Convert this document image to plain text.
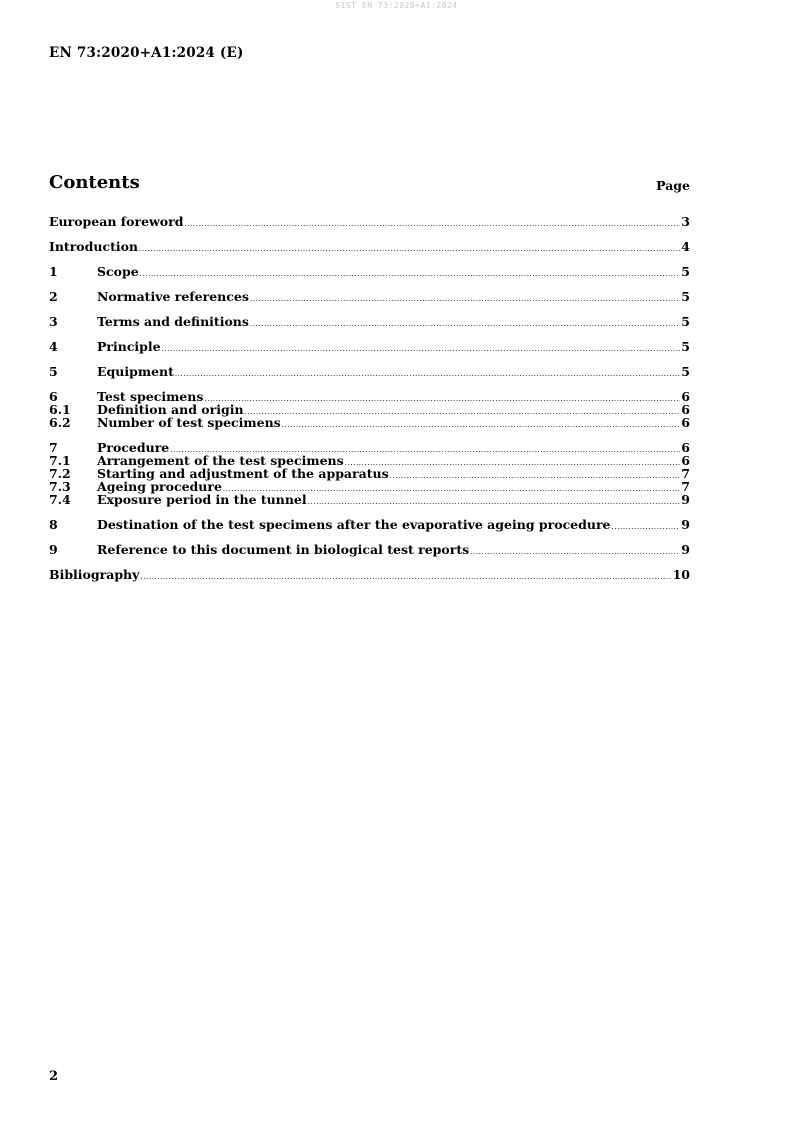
SIST EN 73:2020+A1:2024
EN 73:2020+A1:2024 (E)
Contents	Page
European foreword .....	3
Introduction .....	4
1	Scope .....	5
2	Normative references .....	5
3	Terms and definitions .....	5
4	Principle .....	5
5	Equipment .....	5
6	Test specimens .....	6
6.1	Definition and origin .....	6
6.2	Number of test specimens .....	6
7	Procedure .....	6
7.1	Arrangement of the test specimens .....	6
7.2	Starting and adjustment of the apparatus .....	7
7.3	Ageing procedure .....	7
7.4	Exposure period in the tunnel .....	9
8	Destination of the test specimens after the evaporative ageing procedure .....	9
9	Reference to this document in biological test reports .....	9
Bibliography .....	10
2
